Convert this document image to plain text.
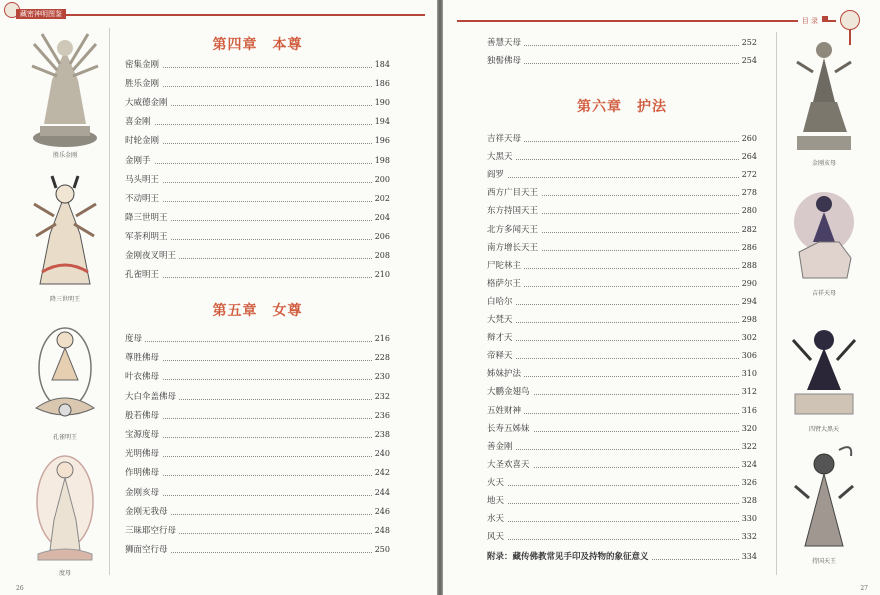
藏密神明图鉴
胜乐金刚
降三世明王
孔雀明王
度母
第四章　本尊
密集金刚	184
胜乐金刚	186
大威德金刚	190
喜金刚	194
时轮金刚	196
金刚手	198
马头明王	200
不动明王	202
降三世明王	204
军荼利明王	206
金刚夜叉明王	208
孔雀明王	210
第五章　女尊
度母	216
尊胜佛母	228
叶衣佛母	230
大白伞盖佛母	232
般若佛母	236
宝源度母	238
光明佛母	240
作明佛母	242
金刚亥母	244
金刚无我母	246
三昧耶空行母	248
狮面空行母	250
26
目 录
善慧天母	252
独髻佛母	254
第六章　护法
吉祥天母	260
大黑天	264
阎罗	272
西方广目天王	278
东方持国天王	280
北方多闻天王	282
南方增长天王	286
尸陀林主	288
格萨尔王	290
白哈尔	294
大梵天	298
辩才天	302
帝释天	306
姊妹护法	310
大鹏金翅鸟	312
五姓财神	316
长寿五姊妹	320
善金刚	322
大圣欢喜天	324
火天	326
地天	328
水天	330
风天	332
附录：藏传佛教常见手印及持物的象征意义	334
金刚亥母
吉祥天母
四臂大黑天
持国天王
27
